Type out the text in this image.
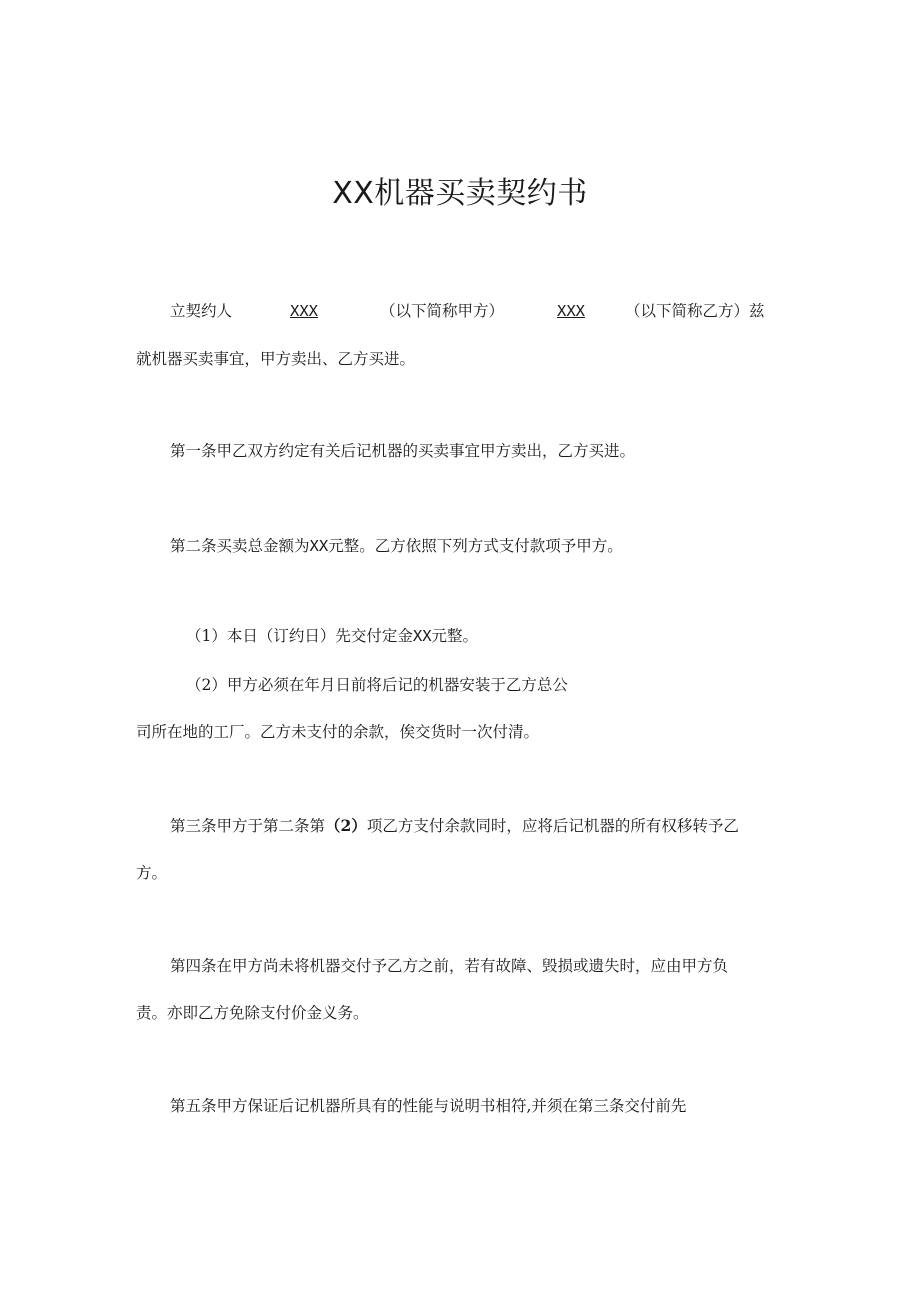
XX机器买卖契约书
立契约人	XXX	（以下简称甲方）	XXX	（以下简称乙方）兹
就机器买卖事宜，甲方卖出、乙方买进。
第一条甲乙双方约定有关后记机器的买卖事宜甲方卖出，乙方买进。
第二条买卖总金额为XX元整。乙方依照下列方式支付款项予甲方。
（1）本日（订约日）先交付定金XX元整。
（2）甲方必须在年月日前将后记的机器安装于乙方总公
司所在地的工厂。乙方未支付的余款，俟交货时一次付清。
第三条甲方于第二条第（2）项乙方支付余款同时，应将后记机器的所有权移转予乙
方。
第四条在甲方尚未将机器交付予乙方之前，若有故障、毁损或遗失时，应由甲方负
责。亦即乙方免除支付价金义务。
第五条甲方保证后记机器所具有的性能与说明书相符,并须在第三条交付前先
